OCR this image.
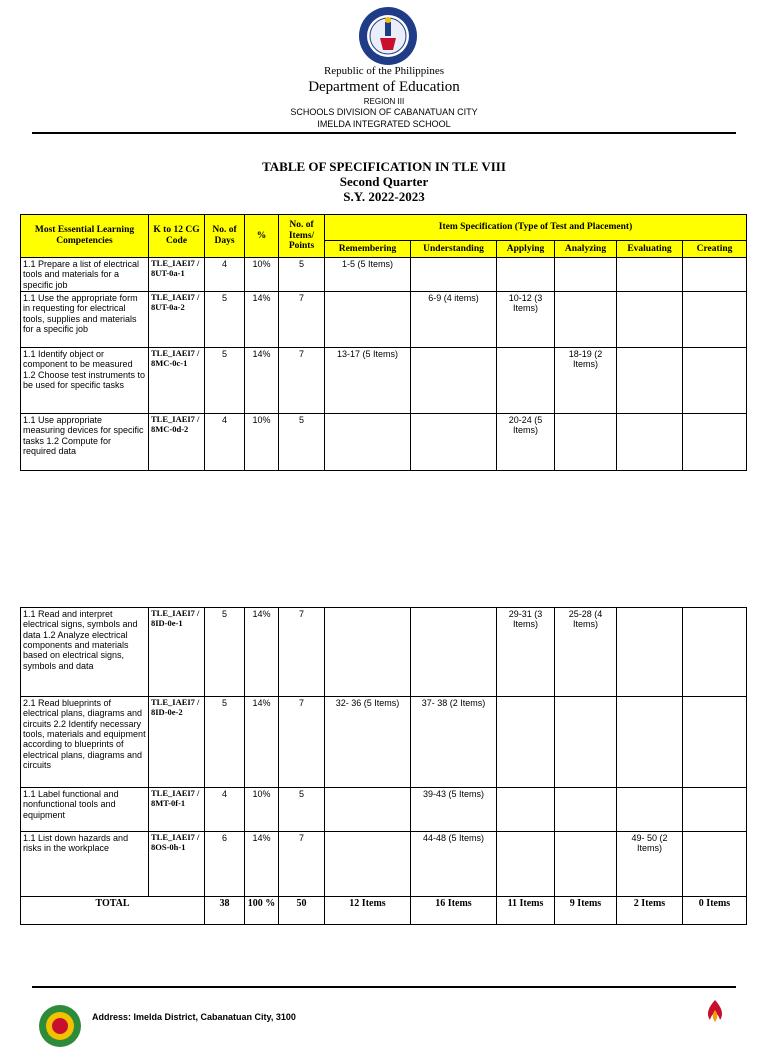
Republic of the Philippines
Department of Education
REGION III
SCHOOLS DIVISION OF CABANATUAN CITY
IMELDA INTEGRATED SCHOOL
TABLE OF SPECIFICATION IN TLE VIII
Second Quarter
S.Y. 2022-2023
Most Essential Learning Competencies	K to 12 CG Code	No. of Days	%	No. of Items/ Points	Item Specification (Type of Test and Placement)					
					Remembering	Understanding	Applying	Analyzing	Evaluating	Creating
1.1 Prepare a list of electrical tools and materials for a specific job	TLE_IAEI7 / 8UT-0a-1	4	10%	5	1-5 (5 Items)					
1.1 Use the appropriate form in requesting for electrical tools, supplies and materials for a specific job	TLE_IAEI7 / 8UT-0a-2	5	14%	7		6-9 (4 items)	10-12 (3 Items)			
1.1 Identify object or component to be measured 1.2 Choose test instruments to be used for specific tasks	TLE_IAEI7 / 8MC-0c-1	5	14%	7	13-17 (5 Items)			18-19 (2 Items)		
1.1 Use appropriate measuring devices for specific tasks 1.2 Compute for required data	TLE_IAEI7 / 8MC-0d-2	4	10%	5			20-24 (5 Items)			
1.1 Read and interpret electrical signs, symbols and data 1.2 Analyze electrical components and materials based on electrical signs, symbols and data	TLE_IAEI7 / 8ID-0e-1	5	14%	7			29-31 (3 Items)	25-28 (4 Items)		
2.1 Read blueprints of electrical plans, diagrams and circuits 2.2 Identify necessary tools, materials and equipment according to blueprints of electrical plans, diagrams and circuits	TLE_IAEI7 / 8ID-0e-2	5	14%	7	32- 36 (5 Items)	37- 38 (2 Items)				
1.1 Label functional and nonfunctional tools and equipment	TLE_IAEI7 / 8MT-0f-1	4	10%	5		39-43 (5 Items)				
1.1 List down hazards and risks in the workplace	TLE_IAEI7 / 8OS-0h-1	6	14%	7		44-48 (5 Items)			49- 50 (2 Items)	
TOTAL		38	100 %	50	12 Items	16 Items	11 Items	9 Items	2 Items	0 Items
Address: Imelda District, Cabanatuan City, 3100
